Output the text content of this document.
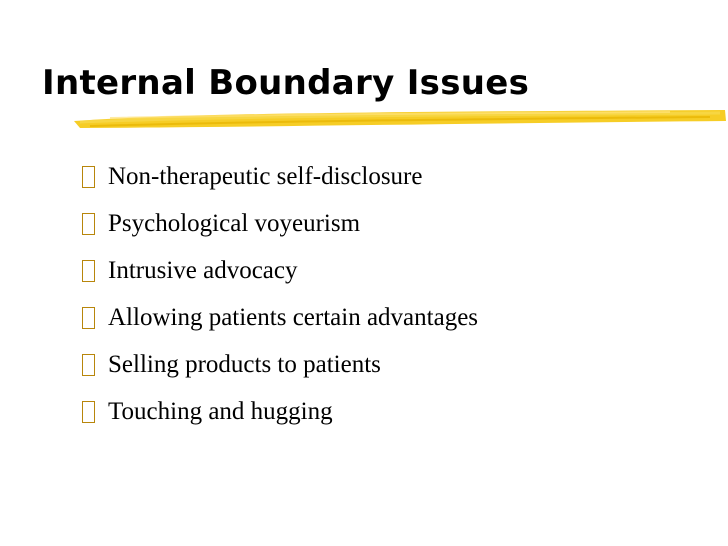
Internal Boundary Issues
Non-therapeutic self-disclosure
Psychological voyeurism
Intrusive advocacy
Allowing patients certain advantages
Selling products to patients
Touching and hugging
